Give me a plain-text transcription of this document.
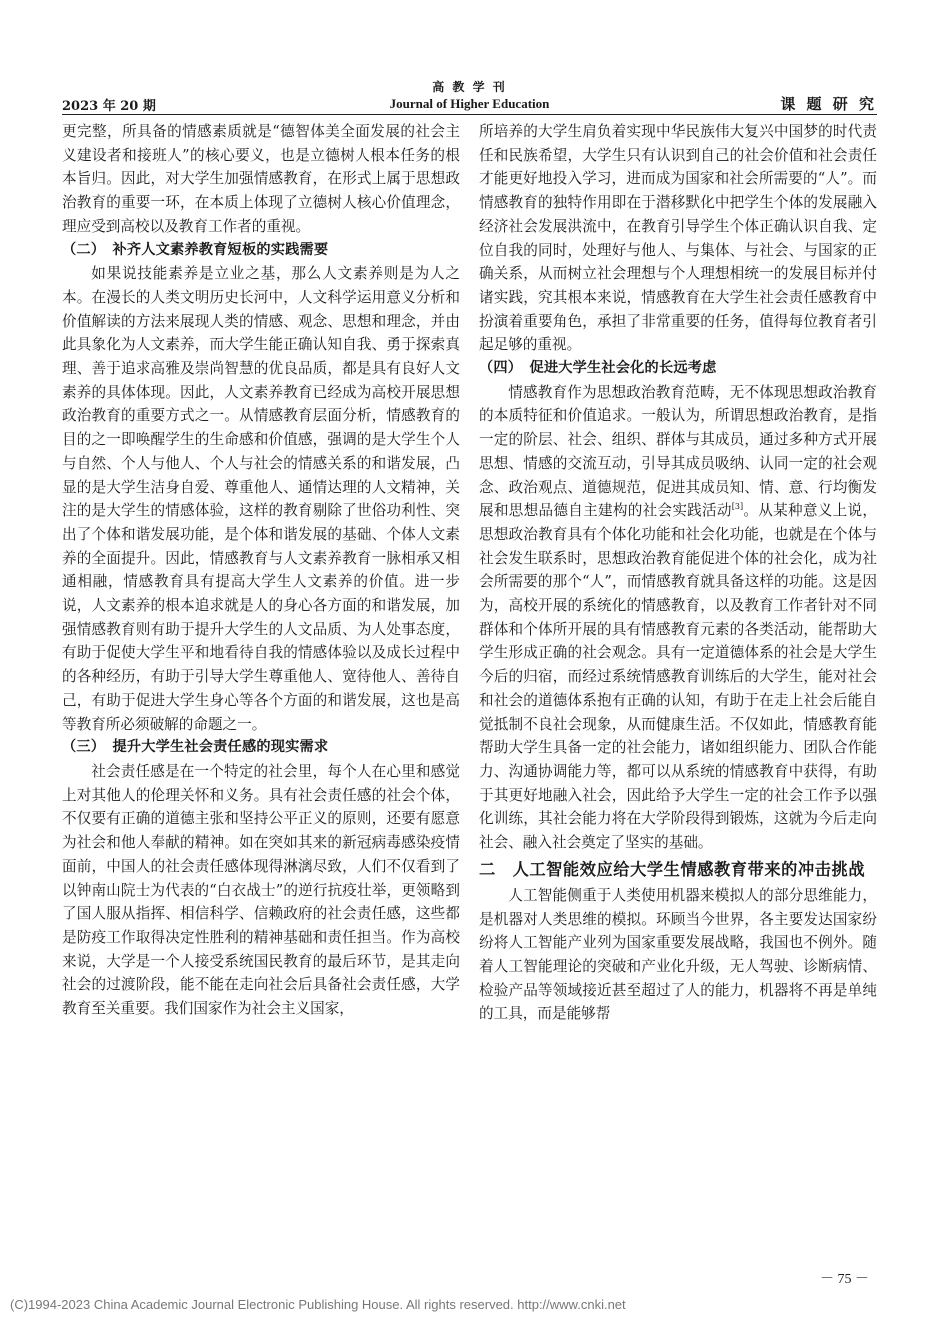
高 教 学 刊
2023 年 20 期	Journal of Higher Education	课 题 研 究

更完整，所具备的情感素质就是“德智体美全面发展的社会主义建设者和接班人”的核心要义，也是立德树人根本任务的根本旨归。因此，对大学生加强情感教育，在形式上属于思想政治教育的重要一环，在本质上体现了立德树人核心价值理念，理应受到高校以及教育工作者的重视。

（二）　补齐人文素养教育短板的实践需要

如果说技能素养是立业之基，那么人文素养则是为人之本。在漫长的人类文明历史长河中，人文科学运用意义分析和价值解读的方法来展现人类的情感、观念、思想和理念，并由此具象化为人文素养，而大学生能正确认知自我、勇于探索真理、善于追求高雅及崇尚智慧的优良品质，都是具有良好人文素养的具体体现。因此，人文素养教育已经成为高校开展思想政治教育的重要方式之一。从情感教育层面分析，情感教育的目的之一即唤醒学生的生命感和价值感，强调的是大学生个人与自然、个人与他人、个人与社会的情感关系的和谐发展，凸显的是大学生洁身自爱、尊重他人、通情达理的人文精神，关注的是大学生的情感体验，这样的教育剔除了世俗功利性、突出了个体和谐发展功能，是个体和谐发展的基础、个体人文素养的全面提升。因此，情感教育与人文素养教育一脉相承又相通相融，情感教育具有提高大学生人文素养的价值。进一步说，人文素养的根本追求就是人的身心各方面的和谐发展，加强情感教育则有助于提升大学生的人文品质、为人处事态度，有助于促使大学生平和地看待自我的情感体验以及成长过程中的各种经历，有助于引导大学生尊重他人、宽待他人、善待自己，有助于促进大学生身心等各个方面的和谐发展，这也是高等教育所必须破解的命题之一。

（三）　提升大学生社会责任感的现实需求

社会责任感是在一个特定的社会里，每个人在心里和感觉上对其他人的伦理关怀和义务。具有社会责任感的社会个体，不仅要有正确的道德主张和坚持公平正义的原则，还要有愿意为社会和他人奉献的精神。如在突如其来的新冠病毒感染疫情面前，中国人的社会责任感体现得淋漓尽致，人们不仅看到了以钟南山院士为代表的“白衣战士”的逆行抗疫壮举，更领略到了国人服从指挥、相信科学、信赖政府的社会责任感，这些都是防疫工作取得决定性胜利的精神基础和责任担当。作为高校来说，大学是一个人接受系统国民教育的最后环节，是其走向社会的过渡阶段，能不能在走向社会后具备社会责任感，大学教育至关重要。我们国家作为社会主义国家，

所培养的大学生肩负着实现中华民族伟大复兴中国梦的时代责任和民族希望，大学生只有认识到自己的社会价值和社会责任才能更好地投入学习，进而成为国家和社会所需要的“人”。而情感教育的独特作用即在于潜移默化中把学生个体的发展融入经济社会发展洪流中，在教育引导学生个体正确认识自我、定位自我的同时，处理好与他人、与集体、与社会、与国家的正确关系，从而树立社会理想与个人理想相统一的发展目标并付诸实践，究其根本来说，情感教育在大学生社会责任感教育中扮演着重要角色，承担了非常重要的任务，值得每位教育者引起足够的重视。

（四）　促进大学生社会化的长远考虑

情感教育作为思想政治教育范畴，无不体现思想政治教育的本质特征和价值追求。一般认为，所谓思想政治教育，是指一定的阶层、社会、组织、群体与其成员，通过多种方式开展思想、情感的交流互动，引导其成员吸纳、认同一定的社会观念、政治观点、道德规范，促进其成员知、情、意、行均衡发展和思想品德自主建构的社会实践活动[3]。从某种意义上说，思想政治教育具有个体化功能和社会化功能，也就是在个体与社会发生联系时，思想政治教育能促进个体的社会化，成为社会所需要的那个“人”，而情感教育就具备这样的功能。这是因为，高校开展的系统化的情感教育，以及教育工作者针对不同群体和个体所开展的具有情感教育元素的各类活动，能帮助大学生形成正确的社会观念。具有一定道德体系的社会是大学生今后的归宿，而经过系统情感教育训练后的大学生，能对社会和社会的道德体系抱有正确的认知，有助于在走上社会后能自觉抵制不良社会现象，从而健康生活。不仅如此，情感教育能帮助大学生具备一定的社会能力，诸如组织能力、团队合作能力、沟通协调能力等，都可以从系统的情感教育中获得，有助于其更好地融入社会，因此给予大学生一定的社会工作予以强化训练，其社会能力将在大学阶段得到锻炼，这就为今后走向社会、融入社会奠定了坚实的基础。

二　人工智能效应给大学生情感教育带来的冲击挑战

人工智能侧重于人类使用机器来模拟人的部分思维能力，是机器对人类思维的模拟。环顾当今世界，各主要发达国家纷纷将人工智能产业列为国家重要发展战略，我国也不例外。随着人工智能理论的突破和产业化升级，无人驾驶、诊断病情、检验产品等领域接近甚至超过了人的能力，机器将不再是单纯的工具，而是能够帮

－ 75 －
(C)1994-2023 China Academic Journal Electronic Publishing House. All rights reserved. http://www.cnki.net
